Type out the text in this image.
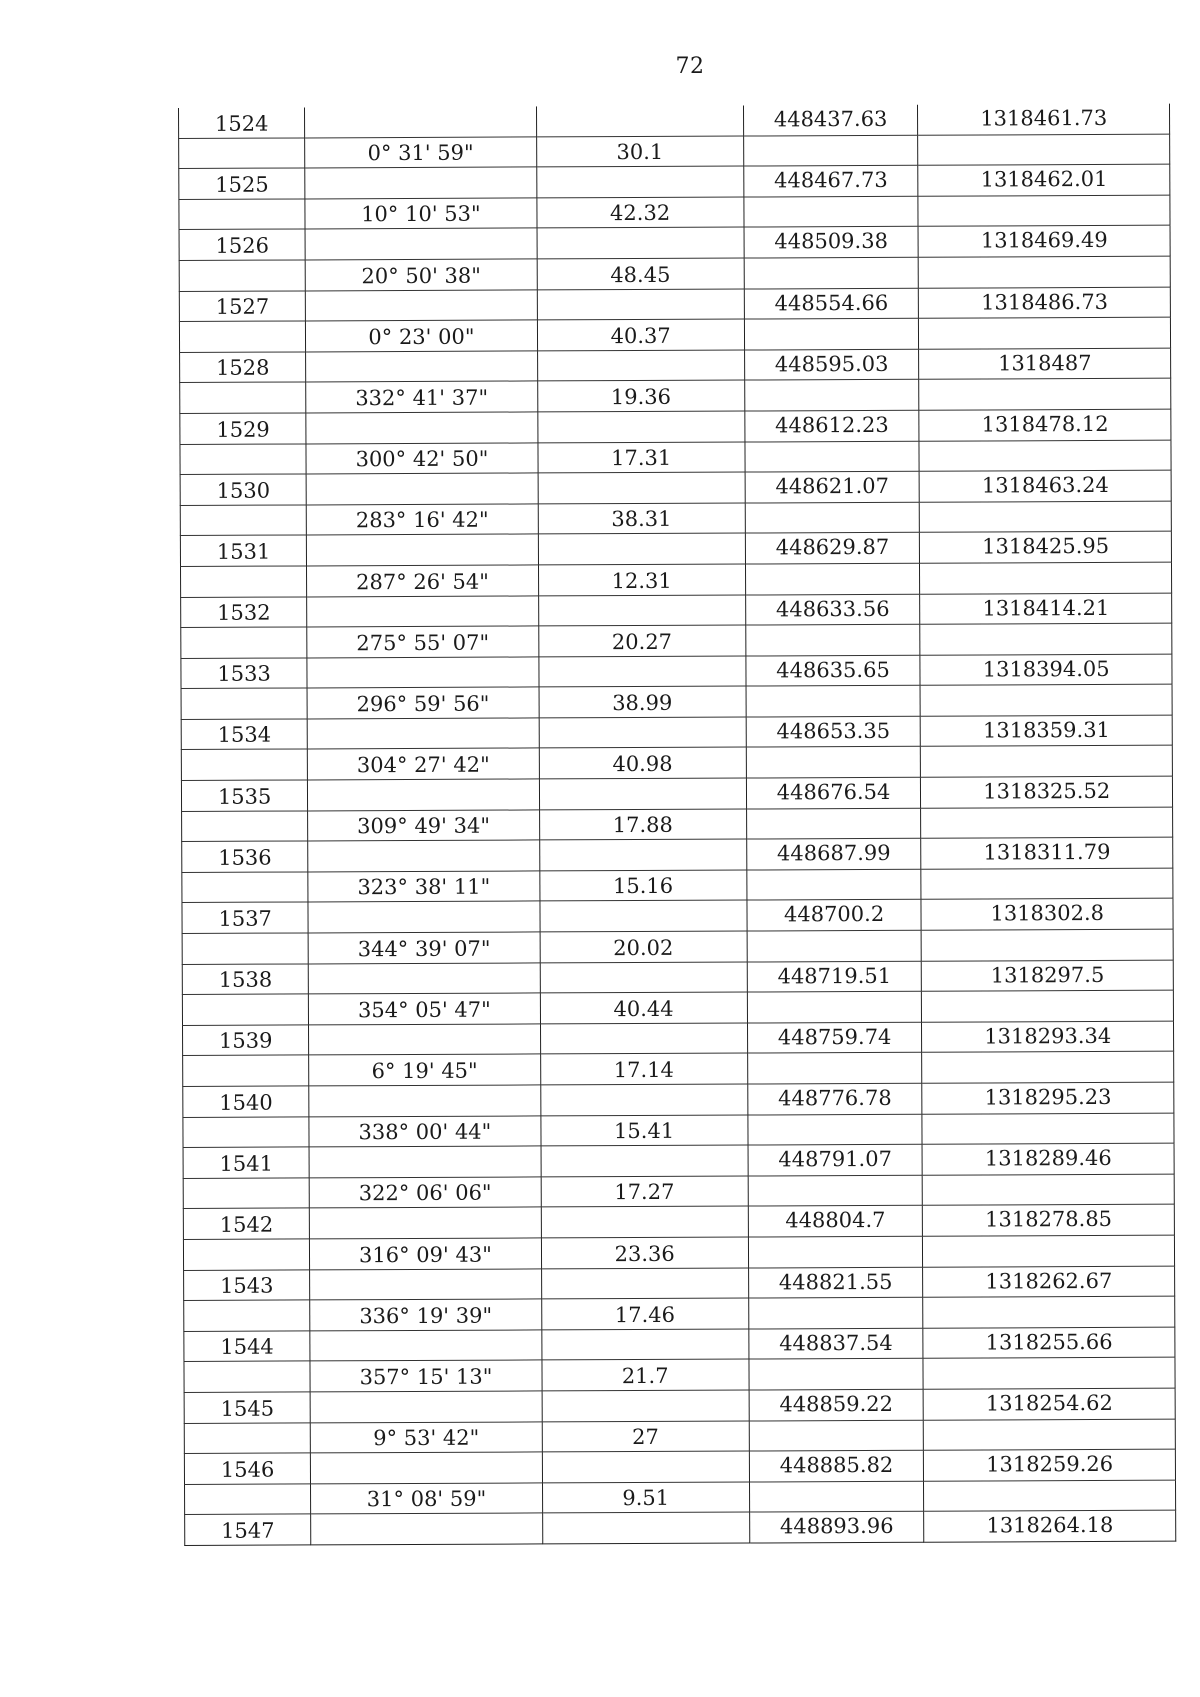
72
1524			448437.63	1318461.73
	0° 31' 59"	30.1		
1525			448467.73	1318462.01
	10° 10' 53"	42.32		
1526			448509.38	1318469.49
	20° 50' 38"	48.45		
1527			448554.66	1318486.73
	0° 23' 00"	40.37		
1528			448595.03	1318487
	332° 41' 37"	19.36		
1529			448612.23	1318478.12
	300° 42' 50"	17.31		
1530			448621.07	1318463.24
	283° 16' 42"	38.31		
1531			448629.87	1318425.95
	287° 26' 54"	12.31		
1532			448633.56	1318414.21
	275° 55' 07"	20.27		
1533			448635.65	1318394.05
	296° 59' 56"	38.99		
1534			448653.35	1318359.31
	304° 27' 42"	40.98		
1535			448676.54	1318325.52
	309° 49' 34"	17.88		
1536			448687.99	1318311.79
	323° 38' 11"	15.16		
1537			448700.2	1318302.8
	344° 39' 07"	20.02		
1538			448719.51	1318297.5
	354° 05' 47"	40.44		
1539			448759.74	1318293.34
	6° 19' 45"	17.14		
1540			448776.78	1318295.23
	338° 00' 44"	15.41		
1541			448791.07	1318289.46
	322° 06' 06"	17.27		
1542			448804.7	1318278.85
	316° 09' 43"	23.36		
1543			448821.55	1318262.67
	336° 19' 39"	17.46		
1544			448837.54	1318255.66
	357° 15' 13"	21.7		
1545			448859.22	1318254.62
	9° 53' 42"	27		
1546			448885.82	1318259.26
	31° 08' 59"	9.51		
1547			448893.96	1318264.18
